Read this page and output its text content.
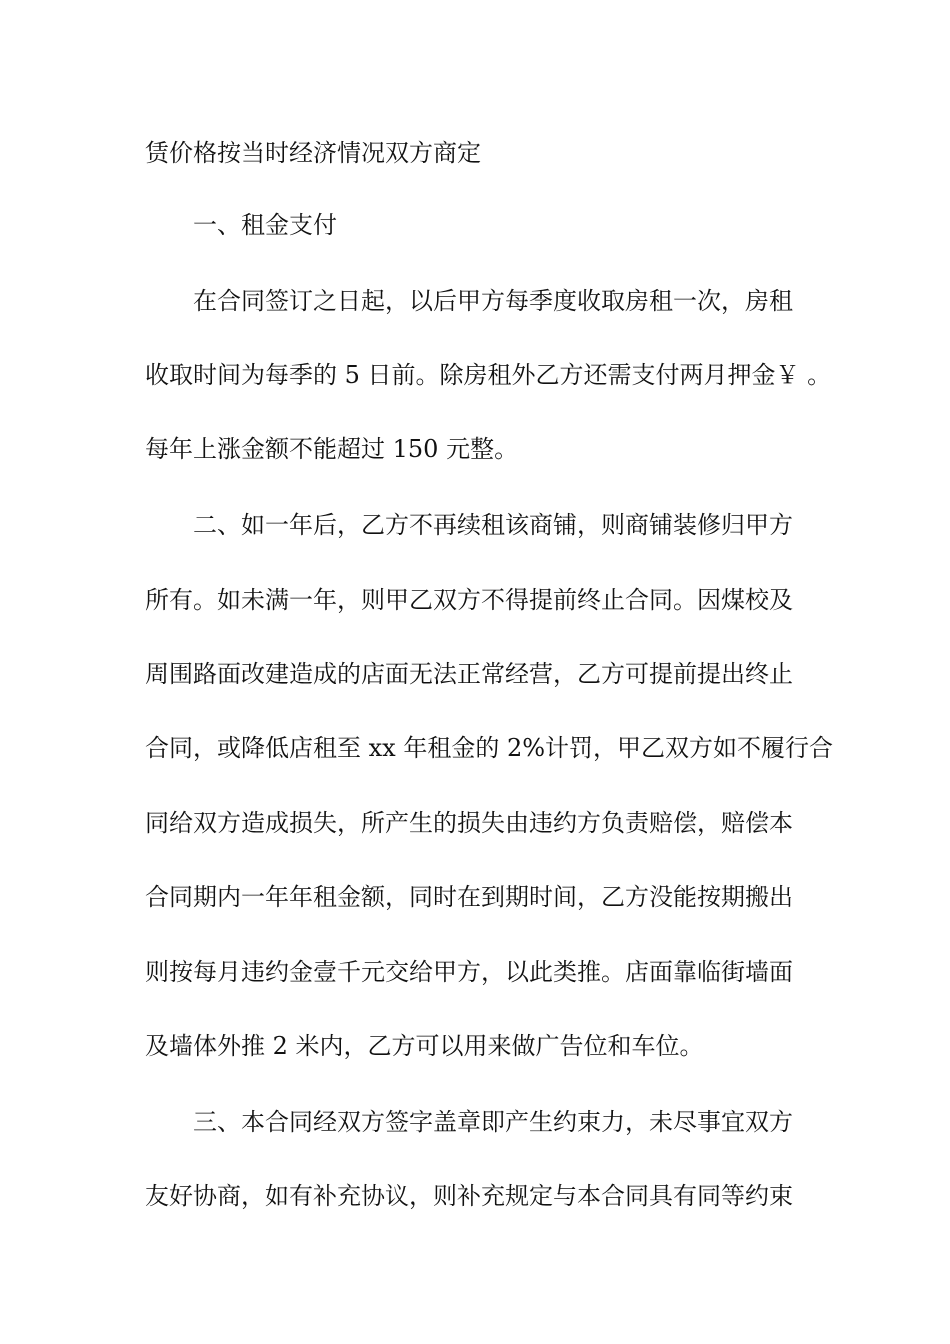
赁价格按当时经济情况双方商定
一、租金支付
在合同签订之日起，以后甲方每季度收取房租一次，房租
收取时间为每季的 5 日前。除房租外乙方还需支付两月押金￥ 。
每年上涨金额不能超过 150 元整。
二、如一年后，乙方不再续租该商铺，则商铺装修归甲方
所有。如未满一年，则甲乙双方不得提前终止合同。因煤校及
周围路面改建造成的店面无法正常经营，乙方可提前提出终止
合同，或降低店租至 xx 年租金的 2%计罚，甲乙双方如不履行合
同给双方造成损失，所产生的损失由违约方负责赔偿，赔偿本
合同期内一年年租金额，同时在到期时间，乙方没能按期搬出
则按每月违约金壹千元交给甲方，以此类推。店面靠临街墙面
及墙体外推 2 米内，乙方可以用来做广告位和车位。
三、本合同经双方签字盖章即产生约束力，未尽事宜双方
友好协商，如有补充协议，则补充规定与本合同具有同等约束
